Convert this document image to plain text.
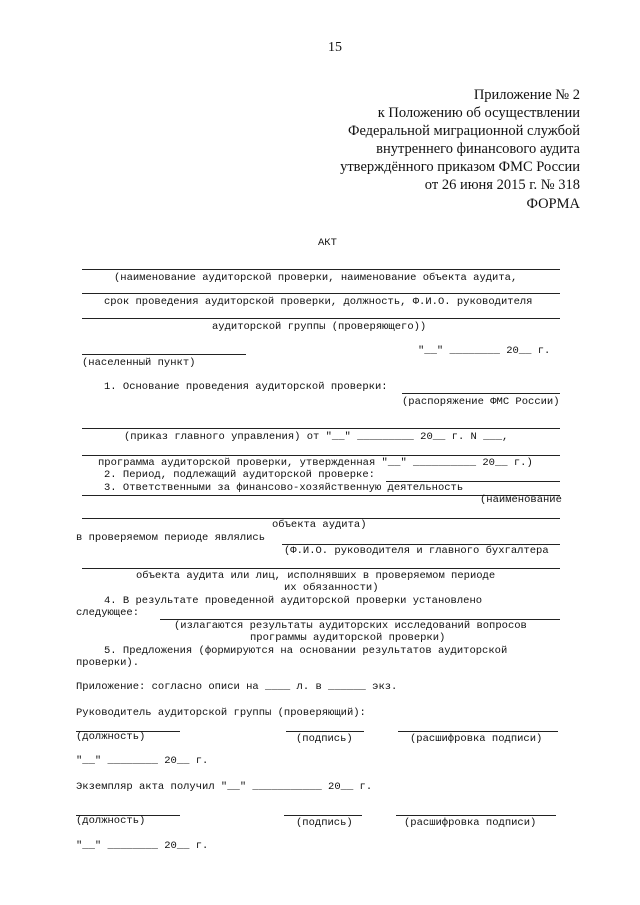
15
Приложение № 2
к Положению об осуществлении
Федеральной миграционной службой
внутреннего финансового аудита
утверждённого приказом ФМС России
от 26 июня 2015 г. № 318
ФОРМА
АКТ
(наименование аудиторской проверки, наименование объекта аудита,
срок проведения аудиторской проверки, должность, Ф.И.О. руководителя
аудиторской группы (проверяющего))
(населенный пункт)
"__" ________ 20__ г.
1. Основание проведения аудиторской проверки:
(распоряжение ФМС России)
(приказ главного управления) от "__" _________ 20__ г. N ___,
программа аудиторской проверки, утвержденная "__" __________ 20__ г.)
2. Период, подлежащий аудиторской проверке:
3. Ответственными за финансово-хозяйственную деятельность
(наименование
объекта аудита)
в проверяемом периоде являлись
(Ф.И.О. руководителя и главного бухгалтера
объекта аудита или лиц, исполнявших в проверяемом периоде
их обязанности)
4. В результате проведенной аудиторской проверки установлено
следующее:
(излагаются результаты аудиторских исследований вопросов
программы аудиторской проверки)
5. Предложения (формируются на основании результатов аудиторской
проверки).
Приложение: согласно описи на ____ л. в ______ экз.
Руководитель аудиторской группы (проверяющий):
(должность)	(подпись)	(расшифровка подписи)
"__" ________ 20__ г.
Экземпляр акта получил "__" ___________ 20__ г.
(должность)	(подпись)	(расшифровка подписи)
"__" ________ 20__ г.
